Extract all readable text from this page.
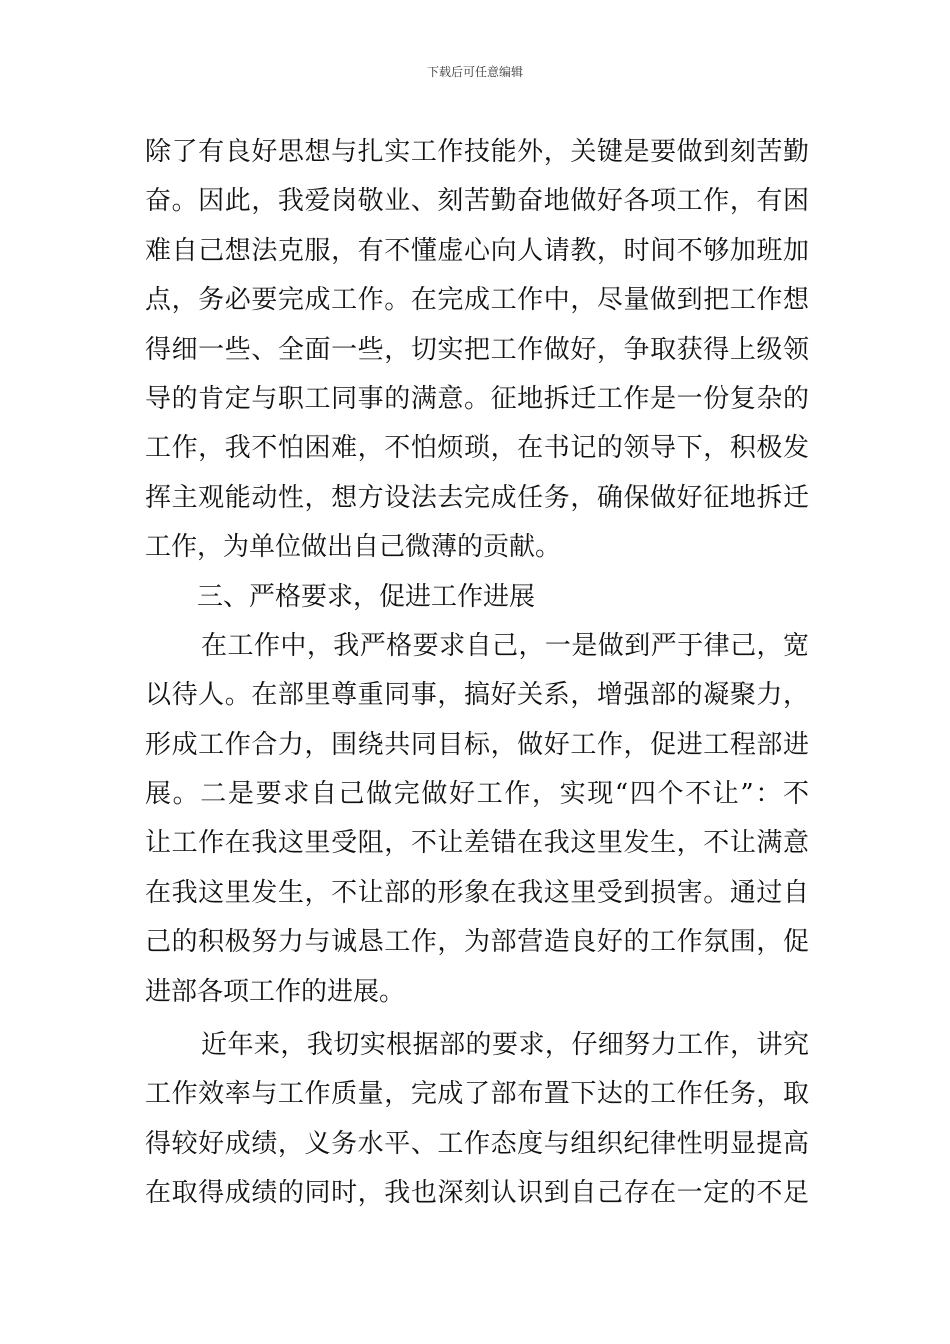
下载后可任意编辑
除了有良好思想与扎实工作技能外，关键是要做到刻苦勤
奋。因此，我爱岗敬业、刻苦勤奋地做好各项工作，有困
难自己想法克服，有不懂虚心向人请教，时间不够加班加
点，务必要完成工作。在完成工作中，尽量做到把工作想
得细一些、全面一些，切实把工作做好，争取获得上级领
导的肯定与职工同事的满意。征地拆迁工作是一份复杂的
工作，我不怕困难，不怕烦琐，在书记的领导下，积极发
挥主观能动性，想方设法去完成任务，确保做好征地拆迁
工作，为单位做出自己微薄的贡献。
三、严格要求，促进工作进展
在工作中，我严格要求自己，一是做到严于律己，宽
以待人。在部里尊重同事，搞好关系，增强部的凝聚力，
形成工作合力，围绕共同目标，做好工作，促进工程部进
展。二是要求自己做完做好工作，实现“四个不让”：不
让工作在我这里受阻，不让差错在我这里发生，不让满意
在我这里发生，不让部的形象在我这里受到损害。通过自
己的积极努力与诚恳工作，为部营造良好的工作氛围，促
进部各项工作的进展。
近年来，我切实根据部的要求，仔细努力工作，讲究
工作效率与工作质量，完成了部布置下达的工作任务，取
得较好成绩，义务水平、工作态度与组织纪律性明显提高
在取得成绩的同时，我也深刻认识到自己存在一定的不足
